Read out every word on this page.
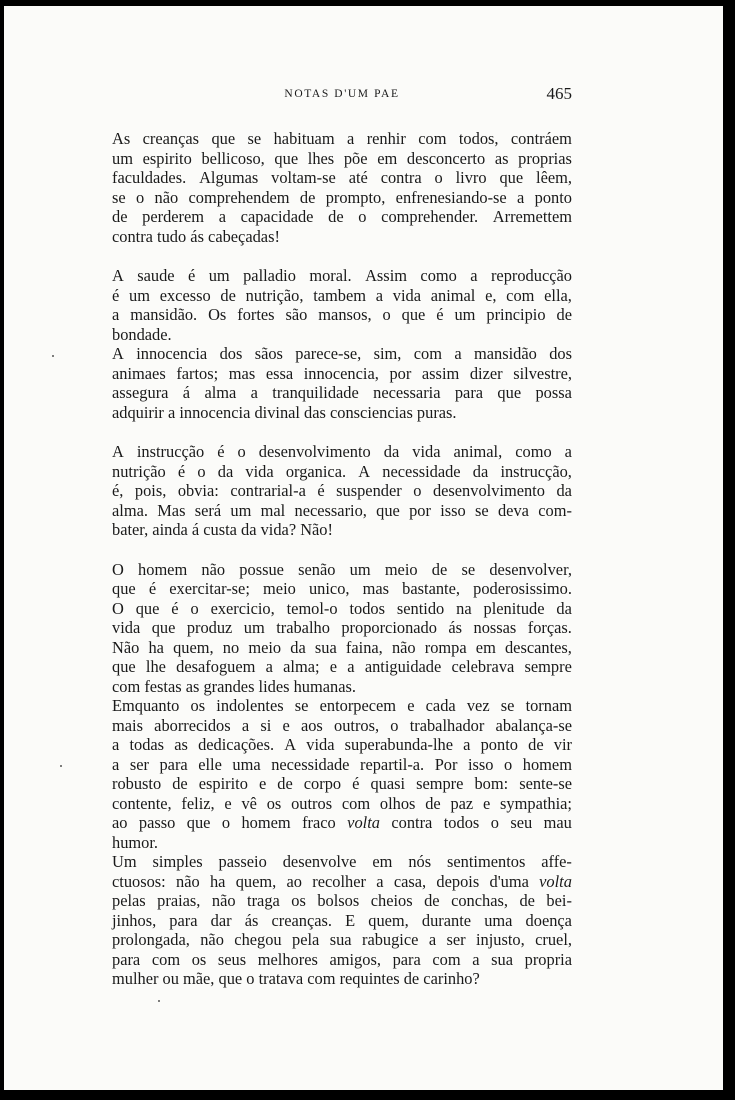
NOTAS D'UM PAE	465

As creanças que se habituam a renhir com todos, contráem
um espirito bellicoso, que lhes põe em desconcerto as proprias
faculdades. Algumas voltam-se até contra o livro que lêem,
se o não comprehendem de prompto, enfrenesiando-se a ponto
de perderem a capacidade de o comprehender. Arremettem
contra tudo ás cabeçadas!

A saude é um palladio moral. Assim como a reproducção
é um excesso de nutrição, tambem a vida animal e, com ella,
a mansidão. Os fortes são mansos, o que é um principio de
bondade.

A innocencia dos sãos parece-se, sim, com a mansidão dos
animaes fartos; mas essa innocencia, por assim dizer silvestre,
assegura á alma a tranquilidade necessaria para que possa
adquirir a innocencia divinal das consciencias puras.

A instrucção é o desenvolvimento da vida animal, como a
nutrição é o da vida organica. A necessidade da instrucção,
é, pois, obvia: contrarial-a é suspender o desenvolvimento da
alma. Mas será um mal necessario, que por isso se deva com-
bater, ainda á custa da vida? Não!

O homem não possue senão um meio de se desenvolver,
que é exercitar-se; meio unico, mas bastante, poderosissimo.
O que é o exercicio, temol-o todos sentido na plenitude da
vida que produz um trabalho proporcionado ás nossas forças.
Não ha quem, no meio da sua faina, não rompa em descantes,
que lhe desafoguem a alma; e a antiguidade celebrava sempre
com festas as grandes lides humanas.

Emquanto os indolentes se entorpecem e cada vez se tornam
mais aborrecidos a si e aos outros, o trabalhador abalança-se
a todas as dedicações. A vida superabunda-lhe a ponto de vir
a ser para elle uma necessidade repartil-a. Por isso o homem
robusto de espirito e de corpo é quasi sempre bom: sente-se
contente, feliz, e vê os outros com olhos de paz e sympathia;
ao passo que o homem fraco volta contra todos o seu mau
humor.

Um simples passeio desenvolve em nós sentimentos affe-
ctuosos: não ha quem, ao recolher a casa, depois d'uma volta
pelas praias, não traga os bolsos cheios de conchas, de bei-
jinhos, para dar ás creanças. E quem, durante uma doença
prolongada, não chegou pela sua rabugice a ser injusto, cruel,
para com os seus melhores amigos, para com a sua propria
mulher ou mãe, que o tratava com requintes de carinho?
